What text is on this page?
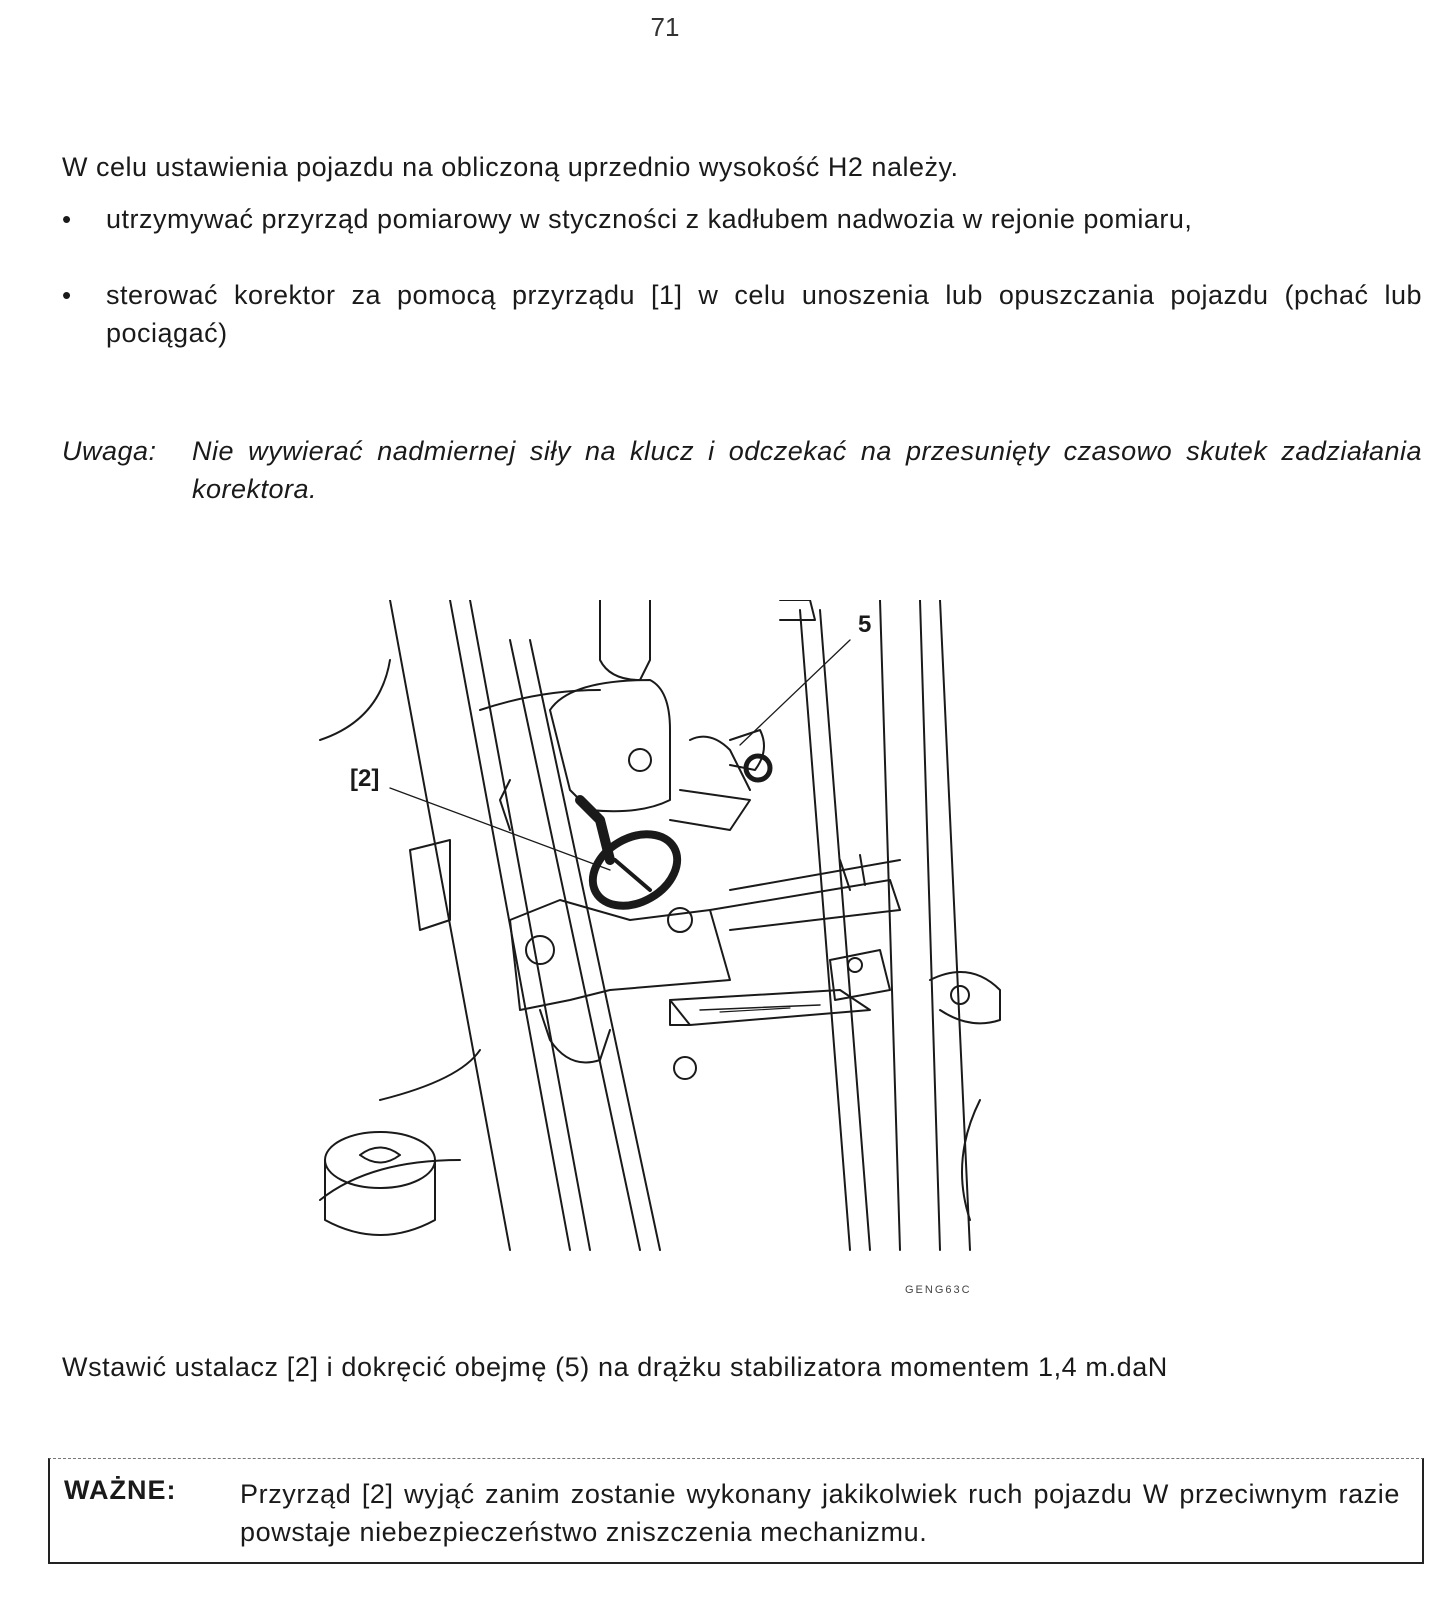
71

W celu ustawienia pojazdu na obliczoną uprzednio wysokość H2 należy.

• utrzymywać przyrząd pomiarowy w styczności z kadłubem nadwozia w rejonie pomiaru,
• sterować korektor za pomocą przyrządu [1] w celu unoszenia lub opuszczania pojazdu (pchać lub pociągać)
Uwaga: Nie wywierać nadmiernej siły na klucz i odczekać na przesunięty czasowo skutek zadziałania korektora.
5
[2]
GENG63C

Wstawić ustalacz [2] i dokręcić obejmę (5) na drążku stabilizatora momentem 1,4 m.daN

WAŻNE: Przyrząd [2] wyjąć zanim zostanie wykonany jakikolwiek ruch pojazdu W przeciwnym razie powstaje niebezpieczeństwo zniszczenia mechanizmu.
